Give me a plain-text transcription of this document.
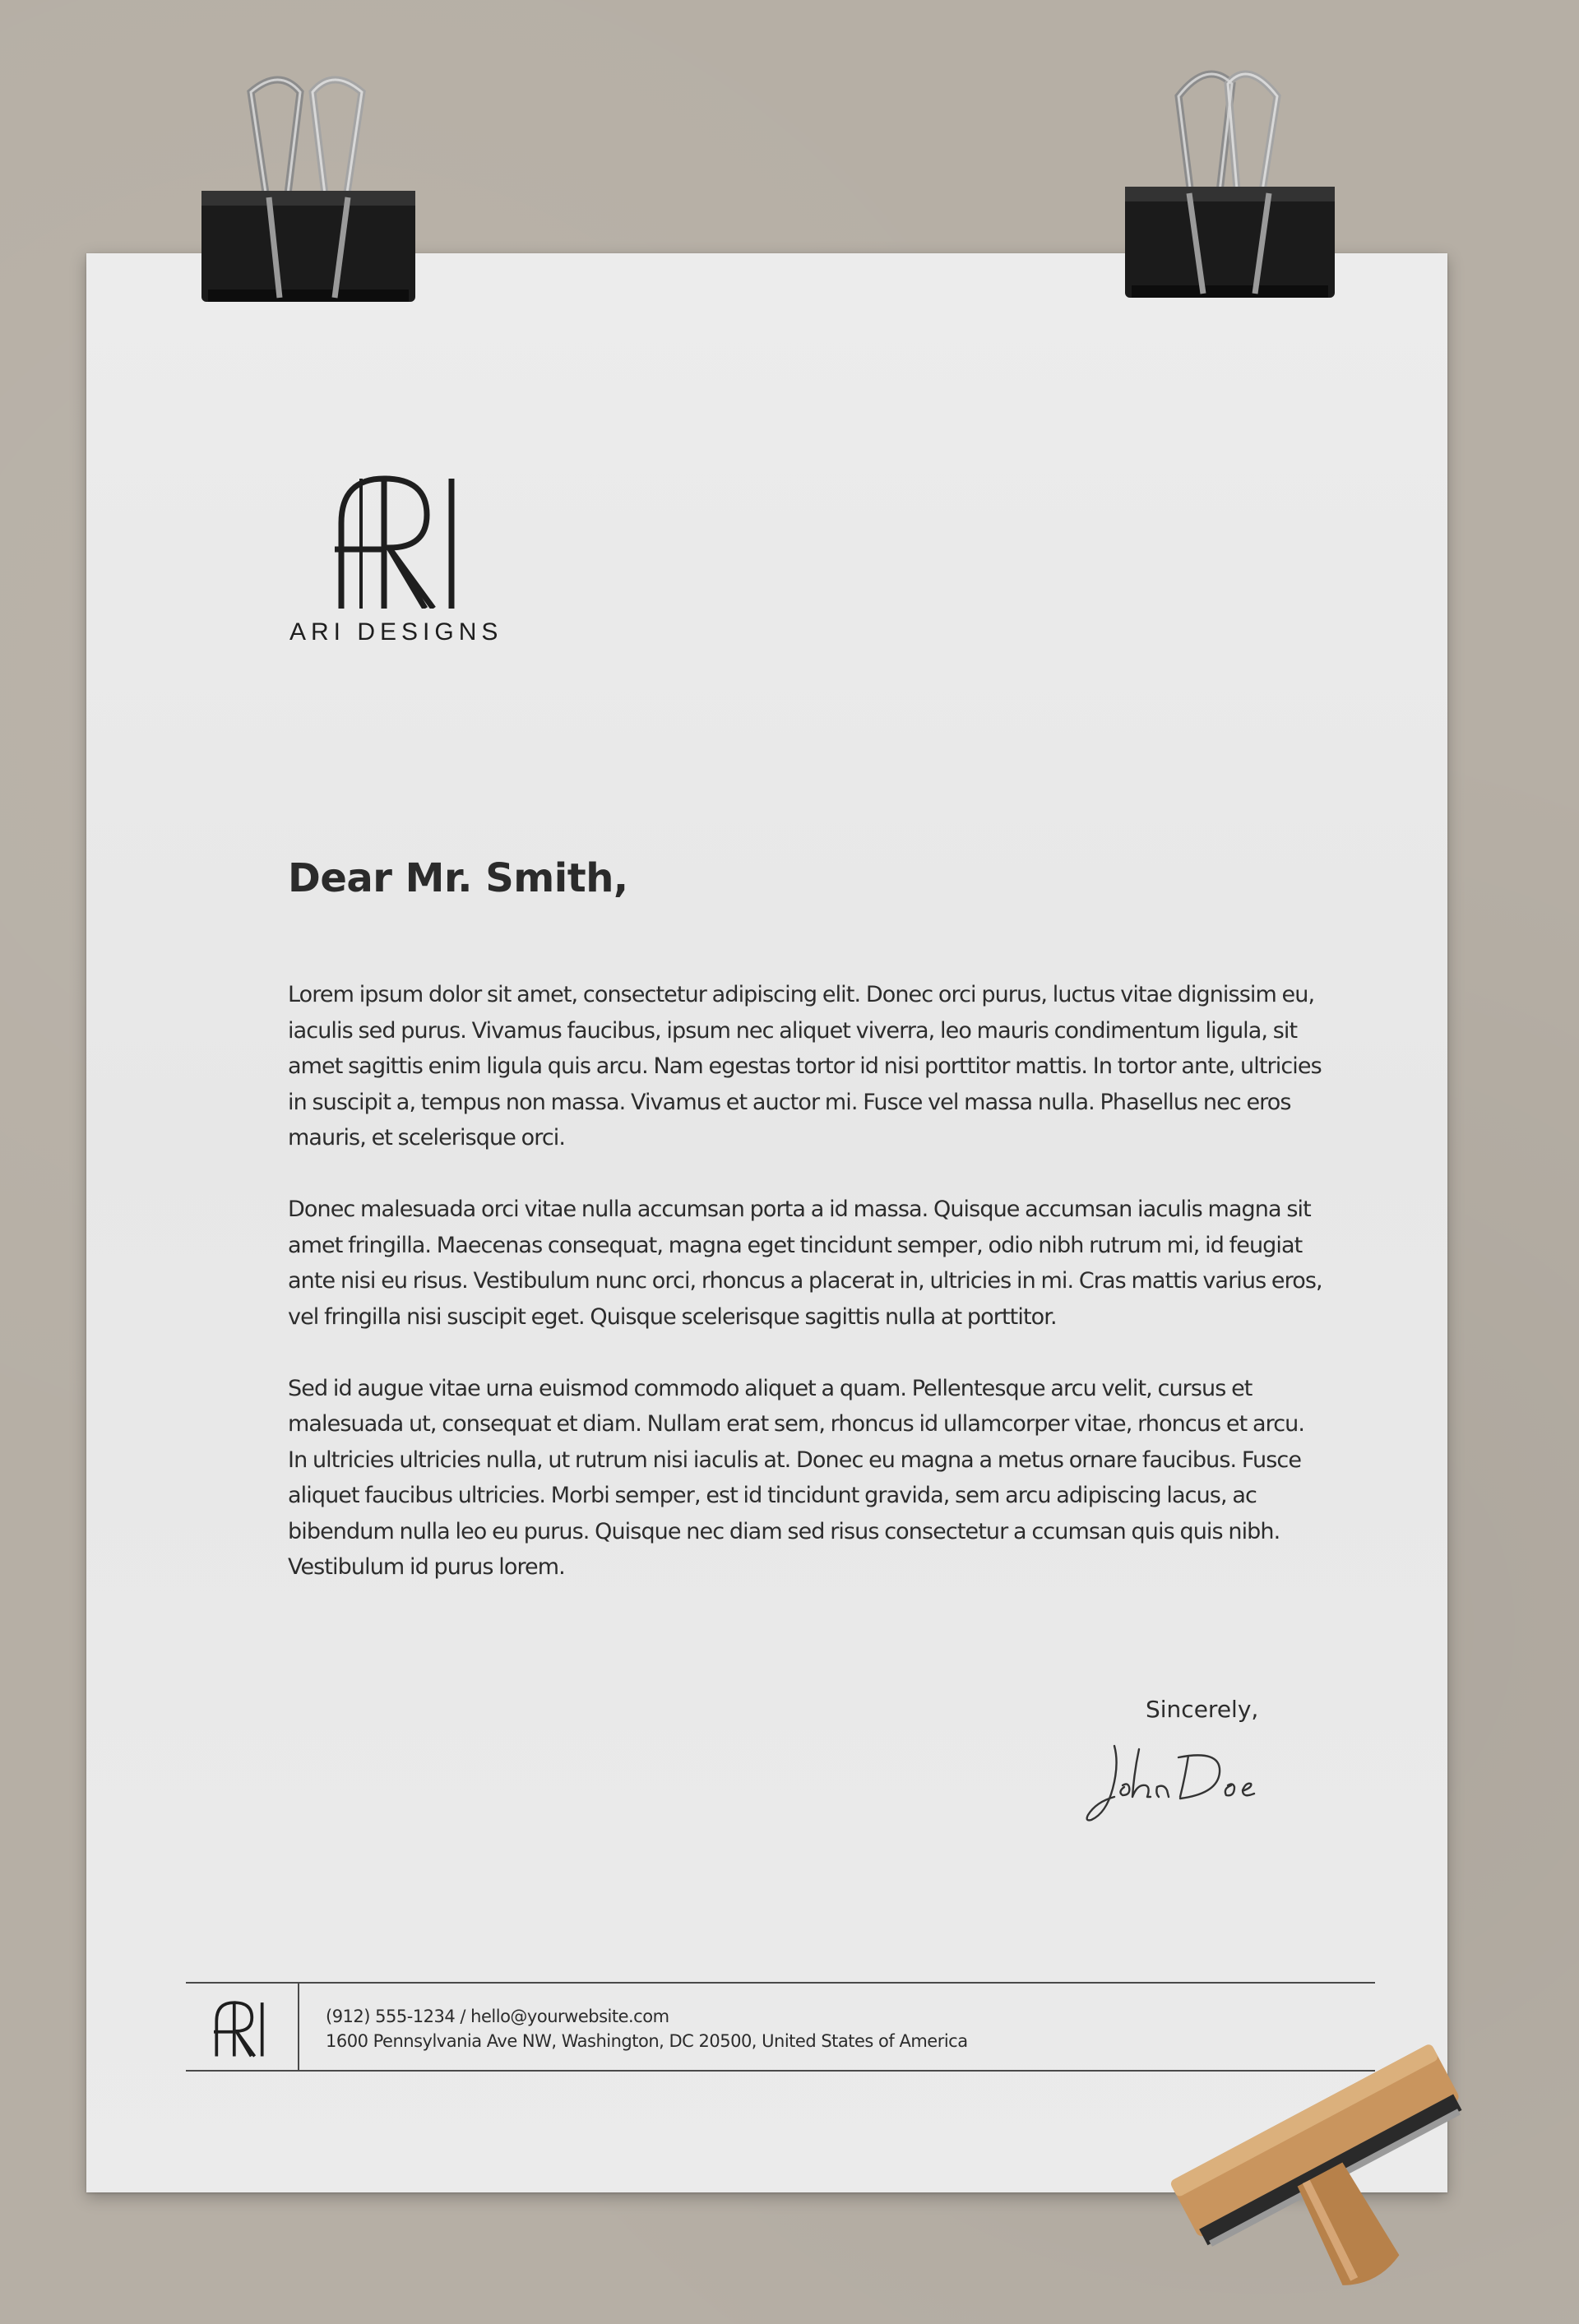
ARI DESIGNS
Dear Mr. Smith,

Lorem ipsum dolor sit amet, consectetur adipiscing elit. Donec orci purus, luctus vitae dignissim eu, iaculis sed purus. Vivamus faucibus, ipsum nec aliquet viverra, leo mauris condimentum ligula, sit amet sagittis enim ligula quis arcu. Nam egestas tortor id nisi porttitor mattis. In tortor ante, ultricies in suscipit a, tempus non massa. Vivamus et auctor mi. Fusce vel massa nulla. Phasellus nec eros mauris, et scelerisque orci.

Donec malesuada orci vitae nulla accumsan porta a id massa. Quisque accumsan iaculis magna sit amet fringilla. Maecenas consequat, magna eget tincidunt semper, odio nibh rutrum mi, id feugiat ante nisi eu risus. Vestibulum nunc orci, rhoncus a placerat in, ultricies in mi. Cras mattis varius eros, vel fringilla nisi suscipit eget. Quisque scelerisque sagittis nulla at porttitor.

Sed id augue vitae urna euismod commodo aliquet a quam. Pellentesque arcu velit, cursus et malesuada ut, consequat et diam. Nullam erat sem, rhoncus id ullamcorper vitae, rhoncus et arcu. In ultricies ultricies nulla, ut rutrum nisi iaculis at. Donec eu magna a metus ornare faucibus. Fusce aliquet faucibus ultricies. Morbi semper, est id tincidunt gravida, sem arcu adipiscing lacus, ac bibendum nulla leo eu purus. Quisque nec diam sed risus consectetur a ccumsan quis quis nibh. Vestibulum id purus lorem.

Sincerely,
(912) 555-1234 / hello@yourwebsite.com
1600 Pennsylvania Ave NW, Washington, DC 20500, United States of America
